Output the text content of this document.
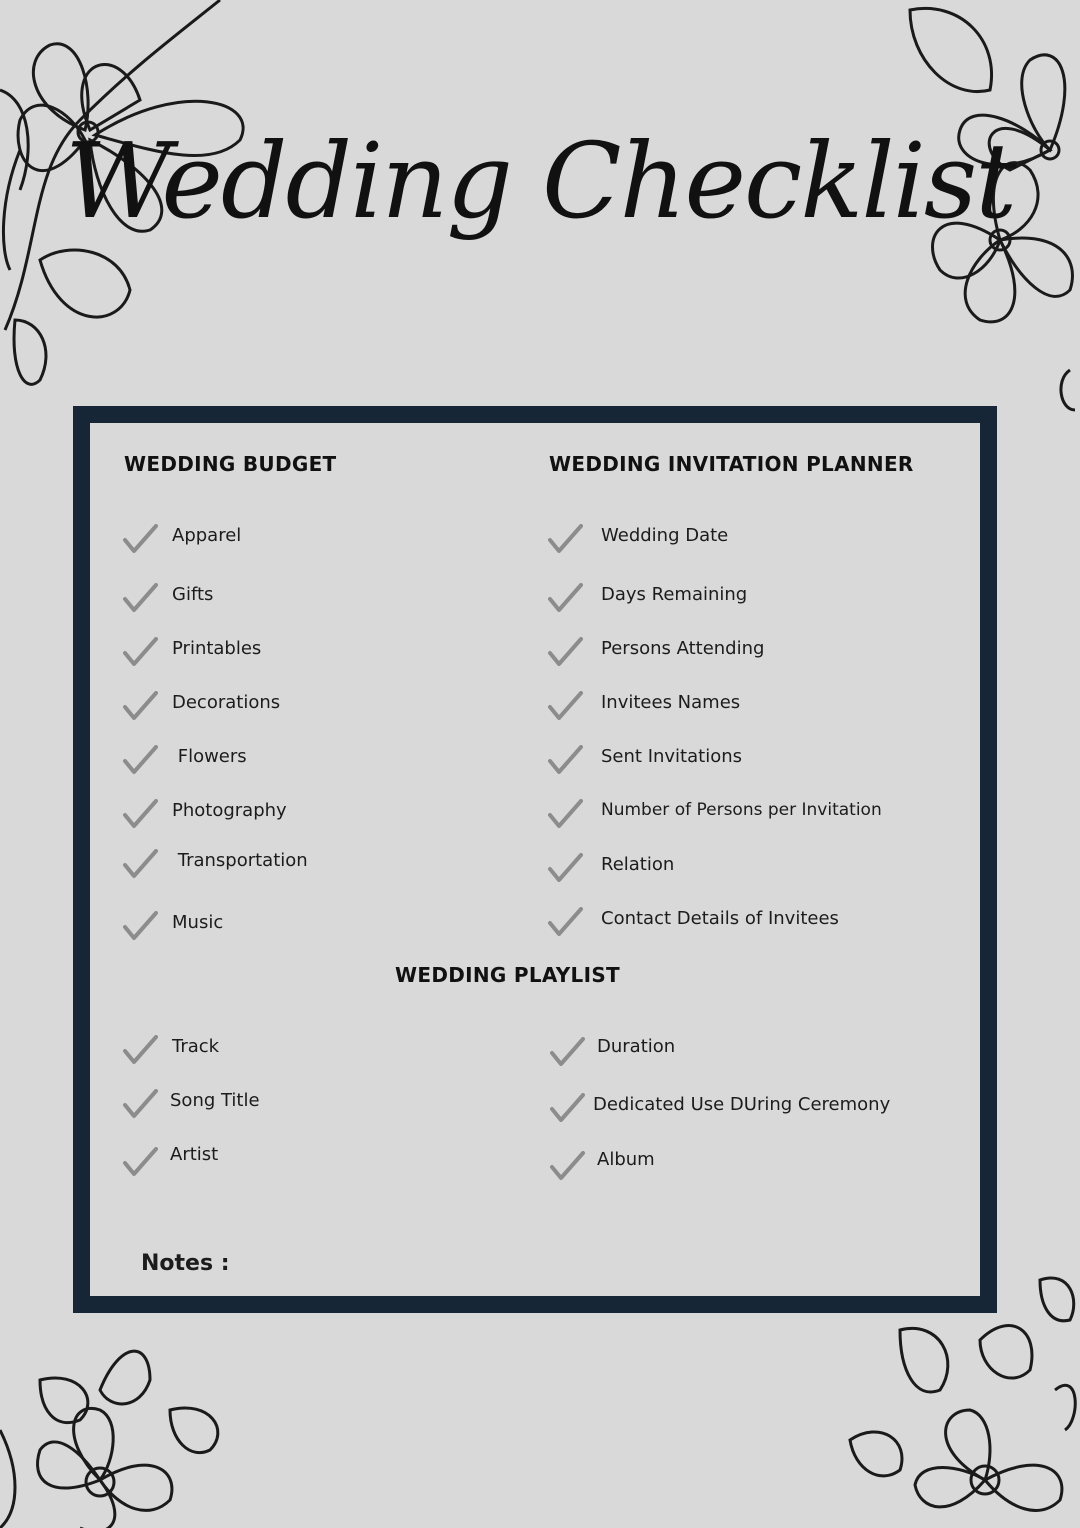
Wedding Checklist
WEDDING BUDGET	WEDDING INVITATION PLANNER
Apparel
Gifts
Printables
Decorations
Flowers
Photography
Transportation
Music
Wedding Date
Days Remaining
Persons Attending
Invitees Names
Sent Invitations
Number of Persons per Invitation
Relation
Contact Details of Invitees
WEDDING PLAYLIST
Track
Song Title
Artist
Duration
Dedicated Use DUring Ceremony
Album
Notes :
